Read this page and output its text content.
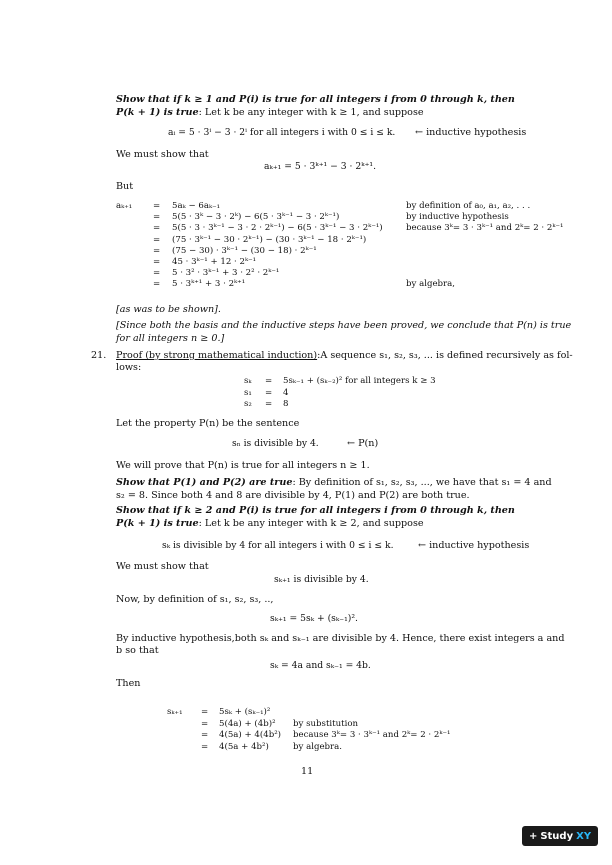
Show that if k ≥ 1 and P(i) is true for all integers i from 0 through k, then
P(k + 1) is true: Let k be any integer with k ≥ 1, and suppose
aᵢ = 5 · 3ⁱ − 3 · 2ⁱ for all integers i with 0 ≤ i ≤ k. ← inductive hypothesis
We must show that
aₖ₊₁ = 5 · 3ᵏ⁺¹ − 3 · 2ᵏ⁺¹.
But
aₖ₊₁ = 5aₖ − 6aₖ₋₁	by definition of a₀, a₁, a₂, . . .
= 5(5 · 3ᵏ − 3 · 2ᵏ) − 6(5 · 3ᵏ⁻¹ − 3 · 2ᵏ⁻¹)	by inductive hypothesis
= 5(5 · 3 · 3ᵏ⁻¹ − 3 · 2 · 2ᵏ⁻¹) − 6(5 · 3ᵏ⁻¹ − 3 · 2ᵏ⁻¹)	because 3ᵏ= 3 · 3ᵏ⁻¹ and 2ᵏ= 2 · 2ᵏ⁻¹
= (75 · 3ᵏ⁻¹ − 30 · 2ᵏ⁻¹) − (30 · 3ᵏ⁻¹ − 18 · 2ᵏ⁻¹)
= (75 − 30) · 3ᵏ⁻¹ − (30 − 18) · 2ᵏ⁻¹
= 45 · 3ᵏ⁻¹ + 12 · 2ᵏ⁻¹
= 5 · 3² · 3ᵏ⁻¹ + 3 · 2² · 2ᵏ⁻¹
= 5 · 3ᵏ⁺¹ + 3 · 2ᵏ⁺¹	by algebra,
[as was to be shown].
[Since both the basis and the inductive steps have been proved, we conclude that P(n) is true
for all integers n ≥ 0.]
21. Proof (by strong mathematical induction):A sequence s₁, s₂, s₃, ... is defined recursively as fol-
lows:
sₖ = 5sₖ₋₁ + (sₖ₋₂)² for all integers k ≥ 3
s₁ = 4
s₂ = 8
Let the property P(n) be the sentence
sₙ is divisible by 4.	← P(n)
We will prove that P(n) is true for all integers n ≥ 1.
Show that P(1) and P(2) are true: By definition of s₁, s₂, s₃, ..., we have that s₁ = 4 and
s₂ = 8. Since both 4 and 8 are divisible by 4, P(1) and P(2) are both true.
Show that if k ≥ 2 and P(i) is true for all integers i from 0 through k, then
P(k + 1) is true: Let k be any integer with k ≥ 2, and suppose
sₖ is divisible by 4 for all integers i with 0 ≤ i ≤ k.	← inductive hypothesis
We must show that
sₖ₊₁ is divisible by 4.
Now, by definition of s₁, s₂, s₃, ..,
sₖ₊₁ = 5sₖ + (sₖ₋₁)².
By inductive hypothesis,both sₖ and sₖ₋₁ are divisible by 4. Hence, there exist integers a and
b so that
sₖ = 4a and sₖ₋₁ = 4b.
Then
sₖ₊₁ = 5sₖ + (sₖ₋₁)²
= 5(4a) + (4b)² by substitution
= 4(5a) + 4(4b²) because 3ᵏ= 3 · 3ᵏ⁻¹ and 2ᵏ= 2 · 2ᵏ⁻¹
= 4(5a + 4b²)	by algebra.
11
+ Study XY
